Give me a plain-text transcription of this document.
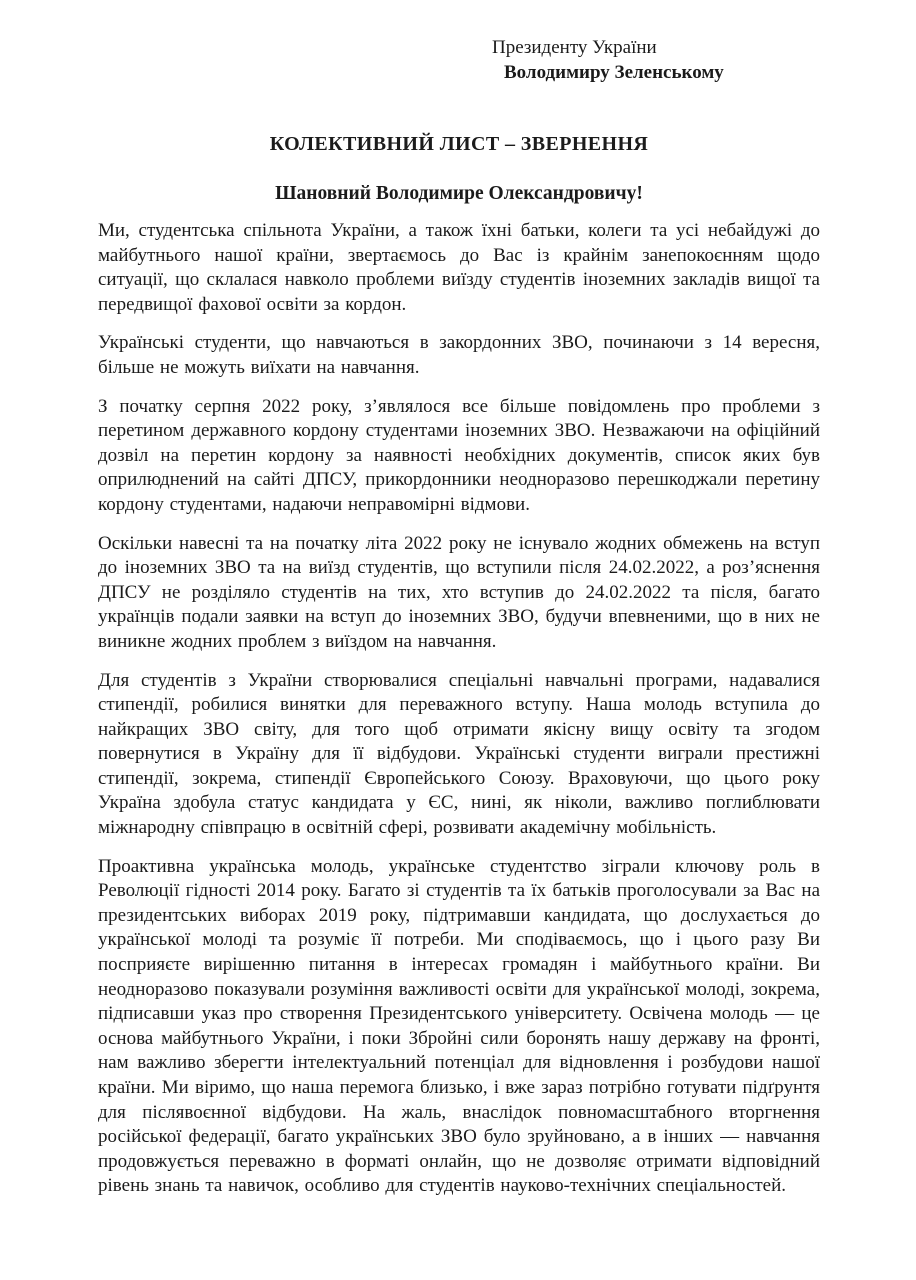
Президенту України
Володимиру Зеленському
КОЛЕКТИВНИЙ ЛИСТ – ЗВЕРНЕННЯ
Шановний Володимире Олександровичу!

Ми, студентська спільнота України, а також їхні батьки, колеги та усі небайдужі до майбутнього нашої країни, звертаємось до Вас із крайнім занепокоєнням щодо ситуації, що склалася навколо проблеми виїзду студентів іноземних закладів вищої та передвищої фахової освіти за кордон.

Українські студенти, що навчаються в закордонних ЗВО, починаючи з 14 вересня, більше не можуть виїхати на навчання.

З початку серпня 2022 року, з’являлося все більше повідомлень про проблеми з перетином державного кордону студентами іноземних ЗВО. Незважаючи на офіційний дозвіл на перетин кордону за наявності необхідних документів, список яких був оприлюднений на сайті ДПСУ, прикордонники неодноразово перешкоджали перетину кордону студентами, надаючи неправомірні відмови.

Оскільки навесні та на початку літа 2022 року не існувало жодних обмежень на вступ до іноземних ЗВО та на виїзд студентів, що вступили після 24.02.2022, а роз’яснення ДПСУ не розділяло студентів на тих, хто вступив до 24.02.2022 та після, багато українців подали заявки на вступ до іноземних ЗВО, будучи впевненими, що в них не виникне жодних проблем з виїздом на навчання.

Для студентів з України створювалися спеціальні навчальні програми, надавалися стипендії, робилися винятки для переважного вступу. Наша молодь вступила до найкращих ЗВО світу, для того щоб отримати якісну вищу освіту та згодом повернутися в Україну для її відбудови. Українські студенти виграли престижні стипендії, зокрема, стипендії Європейського Союзу. Враховуючи, що цього року Україна здобула статус кандидата у ЄС, нині, як ніколи, важливо поглиблювати міжнародну співпрацю в освітній сфері, розвивати академічну мобільність.

Проактивна українська молодь, українське студентство зіграли ключову роль в Революції гідності 2014 року. Багато зі студентів та їх батьків проголосували за Вас на президентських виборах 2019 року, підтримавши кандидата, що дослухається до української молоді та розуміє її потреби. Ми сподіваємось, що і цього разу Ви посприяєте вирішенню питання в інтересах громадян і майбутнього країни. Ви неодноразово показували розуміння важливості освіти для української молоді, зокрема, підписавши указ про створення Президентського університету. Освічена молодь — це основа майбутнього України, і поки Збройні сили боронять нашу державу на фронті, нам важливо зберегти інтелектуальний потенціал для відновлення і розбудови нашої країни. Ми віримо, що наша перемога близько, і вже зараз потрібно готувати підґрунтя для післявоєнної відбудови. На жаль, внаслідок повномасштабного вторгнення російської федерації, багато українських ЗВО було зруйновано, а в інших — навчання продовжується переважно в форматі онлайн, що не дозволяє отримати відповідний рівень знань та навичок, особливо для студентів науково-технічних спеціальностей.
